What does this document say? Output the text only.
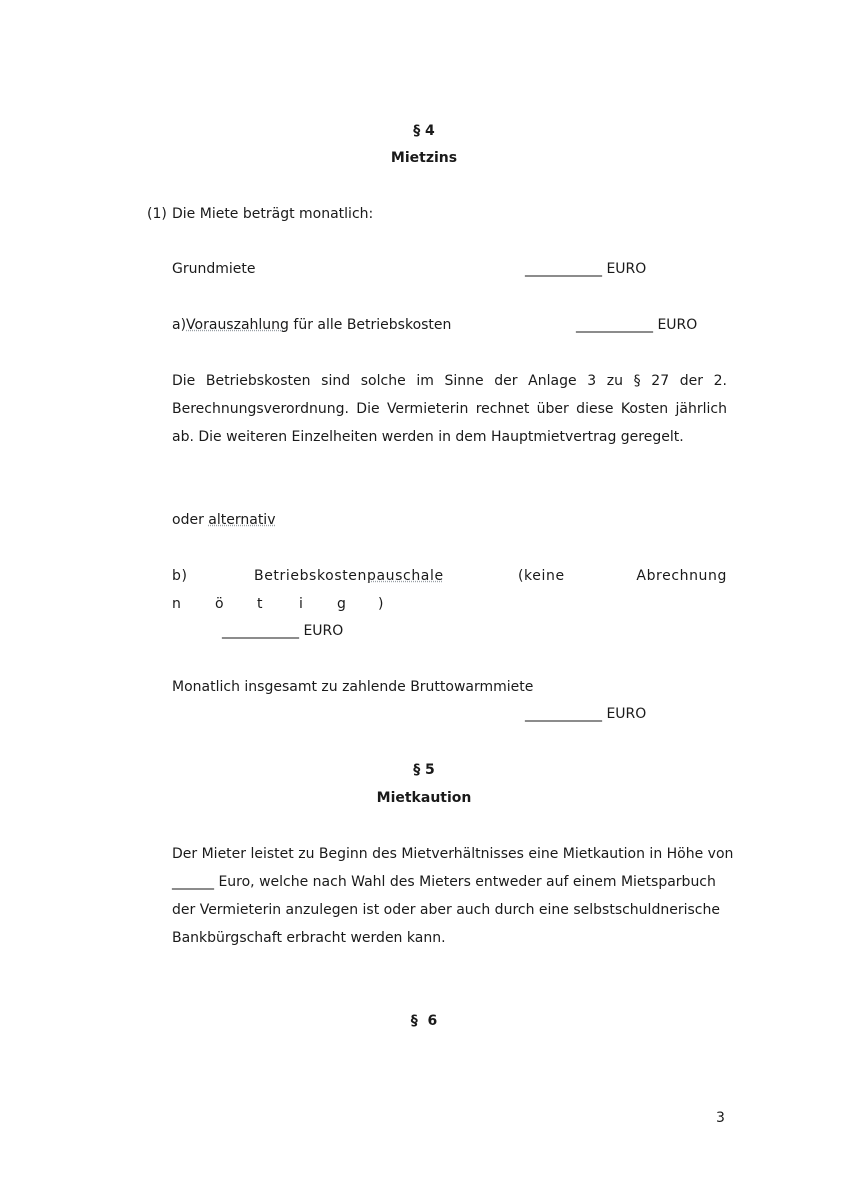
§ 4
Mietzins
(1) Die Miete beträgt monatlich:
Grundmiete	___________ EURO
a)Vorauszahlung für alle Betriebskosten	___________ EURO
Die Betriebskosten sind solche im Sinne der Anlage 3 zu § 27 der 2. Berechnungsverordnung. Die Vermieterin rechnet über diese Kosten jährlich ab. Die weiteren Einzelheiten werden in dem Hauptmietvertrag geregelt.
oder alternativ
b)	Betriebskostenpauschale	(keine	Abrechnung
n ö t	i g )
___________ EURO
Monatlich insgesamt zu zahlende Bruttowarmmiete
___________ EURO
§ 5
Mietkaution
Der Mieter leistet zu Beginn des Mietverhältnisses eine Mietkaution in Höhe von ______ Euro, welche nach Wahl des Mieters entweder auf einem Mietsparbuch der Vermieterin anzulegen ist oder aber auch durch eine selbstschuldnerische Bankbürgschaft erbracht werden kann.
§  6
3
